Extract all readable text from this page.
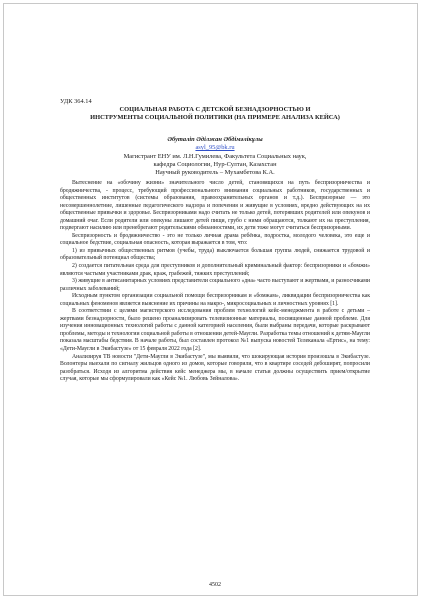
УДК 364.14
СОЦИАЛЬНАЯ РАБОТА С ДЕТСКОЙ БЕЗНАДЗОРНОСТЬЮ И
ИНСТРУМЕНТЫ СОЦИАЛЬНОЙ ПОЛИТИКИ (НА ПРИМЕРЕ АНАЛИЗА КЕЙСА)
Әбуталіп Әділжан Әбдімәлікұлы
asyl_95@bk.ru
Магистрант ЕНУ им. Л.Н.Гумилева, Факультета Социальных наук,
кафедра Социологии, Нур-Султан, Казахстан
Научный руководитель – Мухамбетова К.А.

Вытеснение на «обочину жизни» значительного число детей, становящихся на путь беспризорничества и бродяжничества, - процесс, требующий профессионального внимания социальных работников, государственных и общественных институтов (системы образования, правоохранительных органов и т.д.). Беспризорные — это несовершеннолетние, лишенные педагогического надзора и попечения и живущие в условиях, вредно действующих на их общественные привычки и здоровье. Беспризорниками надо считать не только детей, потерявших родителей или опекунов и домашний очаг. Если родители или опекуны лишают детей пищи, грубо с ними обращаются, толкают их на преступления, подвергают насилию или пренебрегают родительскими обязанностями, их дети тоже могут считаться беспризорными.

Беспризорность и бродяжничество - это не только личная драма ребёнка, подростка, молодого человека, это еще и социальное бедствие, социальная опасность, которая выражается в том, что:

1) из привычных общественных ритмов (учебы, труда) выключается большая группа людей, снижается трудовой и образовательный потенциал общества;

2) создается питательная среда для преступников и дополнительный криминальный фактор: беспризорники и «бомжи» являются частыми участниками драк, краж, грабежей, тяжких преступлений;

3) живущие в антисанитарных условиях представители социального «дна» часто выступают и жертвами, и разносчиками различных заболеваний;

Исходным пунктом организации социальной помощи беспризорникам и «бомжам», ликвидации беспризорничества как социальных феноменов является выяснение их причины на макро-, микросоциальных и личностных уровнях [1].

В соответствии с целями магистерского исследования проблем технологий кейс-менеджмента в работе с детьми – жертвами безнадзорности, было решено проанализировать телевизионные материалы, посвященные данной проблеме. Для изучения инновационных технологий работы с данной категорией населения, были выбраны передачи, которые раскрывают проблемы, методы и технологии социальной работы в отношении детей-Маугли. Разработка темы отношений к детям-Маугли показала масштабы бедствия. В начале работы, был составлен протокол №1 выпуска новостей Телеканала «Ертис», на тему: «Дети-Маугли в Экибастузе» от 15 февраля 2022 года [2].

Анализируя ТВ новости "Дети-Маугли в Экибастузе", мы выявили, что шокирующая история произошла в Экибастузе. Волонтеры выехали по сигналу жильцов одного из домов, которые говорили, что в квартире соседей дебоширят, попросили разобраться. Исходя из алгоритма действия кейс менеджера мы, в начале статьи должны осуществить прием/открытие случая, которые мы сформулировали как «Кейс №1. Любовь Зейналова».

4502
